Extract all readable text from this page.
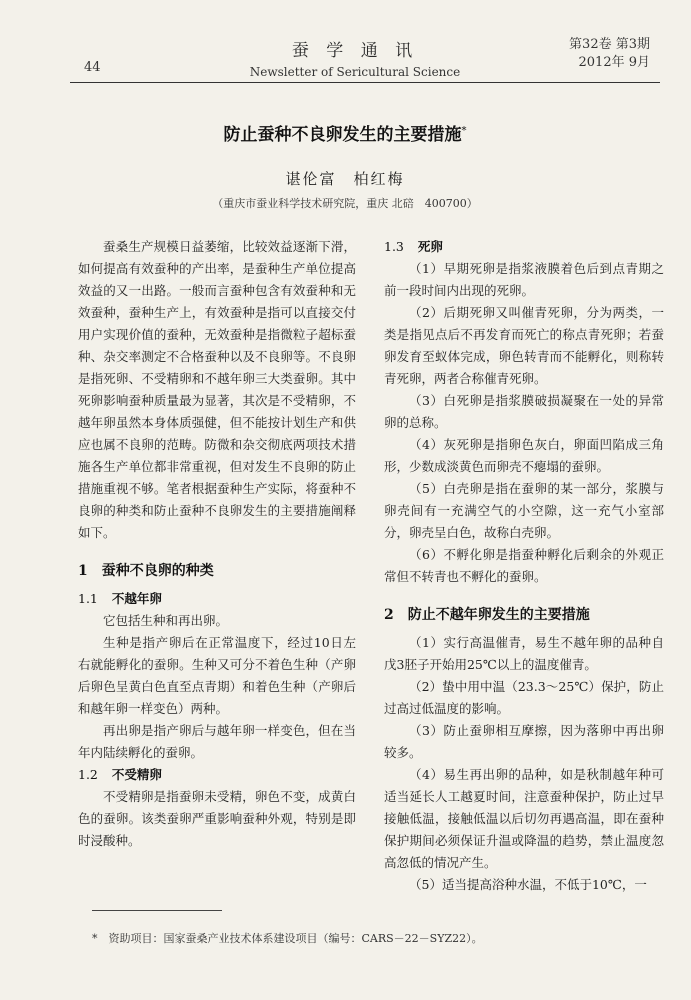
44
蚕 学 通 讯
Newsletter of Sericultural Science
第32卷 第3期
2012年 9月
防止蚕种不良卵发生的主要措施*
谌伦富　柏红梅
（重庆市蚕业科学技术研究院，重庆 北碚　400700）

蚕桑生产规模日益萎缩，比较效益逐渐下滑，如何提高有效蚕种的产出率，是蚕种生产单位提高效益的又一出路。一般而言蚕种包含有效蚕种和无效蚕种，蚕种生产上，有效蚕种是指可以直接交付用户实现价值的蚕种，无效蚕种是指微粒子超标蚕种、杂交率测定不合格蚕种以及不良卵等。不良卵是指死卵、不受精卵和不越年卵三大类蚕卵。其中死卵影响蚕种质量最为显著，其次是不受精卵，不越年卵虽然本身体质强健，但不能按计划生产和供应也属不良卵的范畴。防微和杂交彻底两项技术措施各生产单位都非常重视，但对发生不良卵的防止措施重视不够。笔者根据蚕种生产实际，将蚕种不良卵的种类和防止蚕种不良卵发生的主要措施阐释如下。

1　蚕种不良卵的种类
1.1 不越年卵

它包括生种和再出卵。

生种是指产卵后在正常温度下，经过10日左右就能孵化的蚕卵。生种又可分不着色生种（产卵后卵色呈黄白色直至点青期）和着色生种（产卵后和越年卵一样变色）两种。

再出卵是指产卵后与越年卵一样变色，但在当年内陆续孵化的蚕卵。

1.2 不受精卵

不受精卵是指蚕卵未受精，卵色不变，成黄白色的蚕卵。该类蚕卵严重影响蚕种外观，特别是即时浸酸种。

1.3 死卵

（1）早期死卵是指浆液膜着色后到点青期之前一段时间内出现的死卵。

（2）后期死卵又叫催青死卵，分为两类，一类是指见点后不再发育而死亡的称点青死卵；若蚕卵发育至蚁体完成，卵色转青而不能孵化，则称转青死卵，两者合称催青死卵。

（3）白死卵是指浆膜破损凝聚在一处的异常卵的总称。

（4）灰死卵是指卵色灰白，卵面凹陷成三角形，少数成淡黄色而卵壳不瘪塌的蚕卵。

（5）白壳卵是指在蚕卵的某一部分，浆膜与卵壳间有一充满空气的小空隙，这一充气小室部分，卵壳呈白色，故称白壳卵。

（6）不孵化卵是指蚕种孵化后剩余的外观正常但不转青也不孵化的蚕卵。

2　防止不越年卵发生的主要措施

（1）实行高温催青，易生不越年卵的品种自戊3胚子开始用25℃以上的温度催青。

（2）蛰中用中温（23.3～25℃）保护，防止过高过低温度的影响。

（3）防止蚕卵相互摩擦，因为落卵中再出卵较多。

（4）易生再出卵的品种，如是秋制越年种可适当延长人工越夏时间，注意蚕种保护，防止过早接触低温，接触低温以后切勿再遇高温，即在蚕种保护期间必须保证升温或降温的趋势，禁止温度忽高忽低的情况产生。

（5）适当提高浴种水温，不低于10℃，一

*　资助项目：国家蚕桑产业技术体系建设项目（编号：CARS－22－SYZ22）。
